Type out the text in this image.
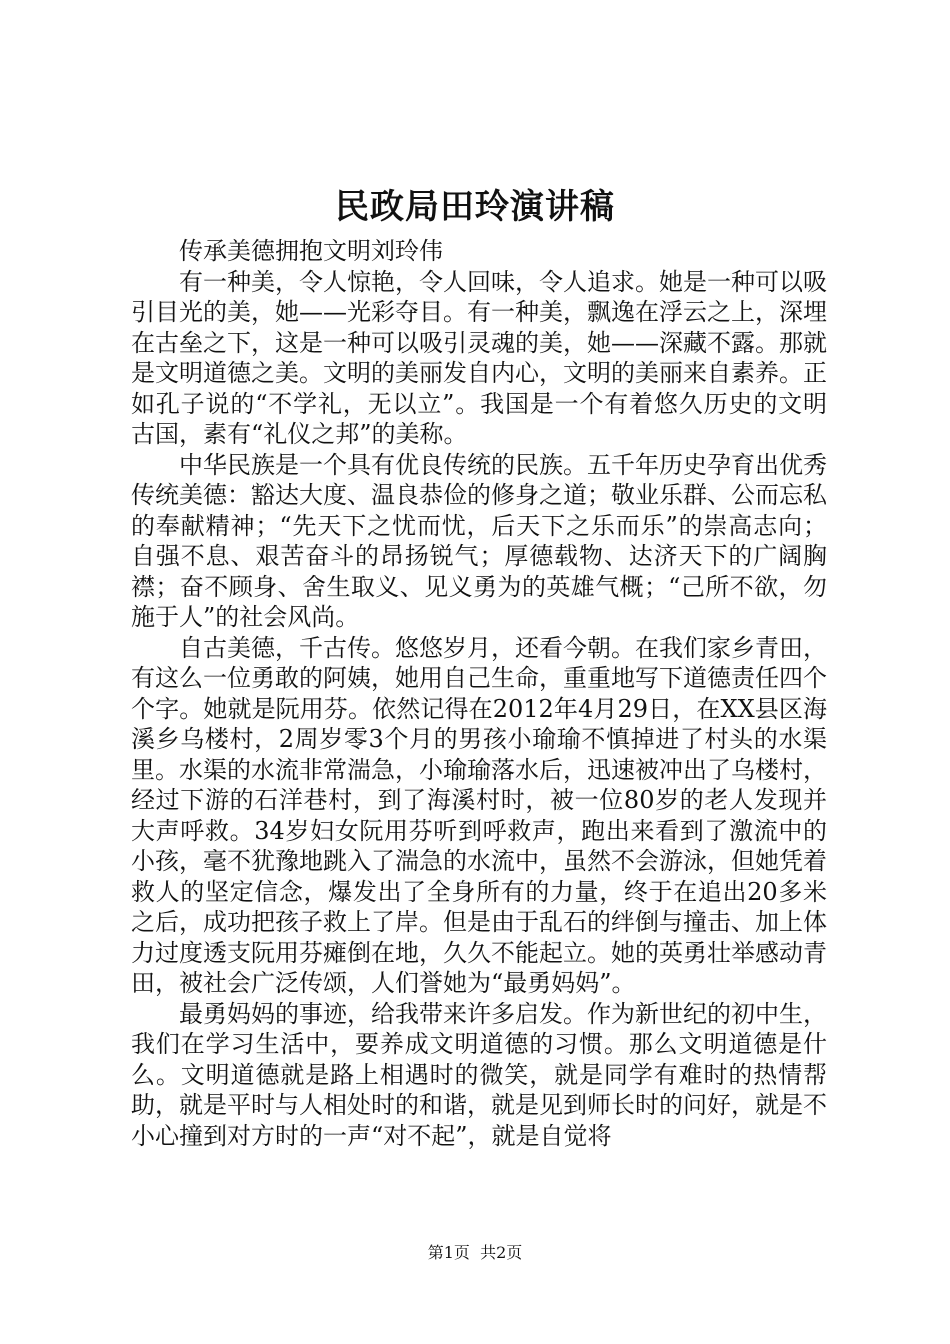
民政局田玲演讲稿

传承美德拥抱文明刘玲伟

有一种美，令人惊艳，令人回味，令人追求。她是一种可以吸引目光的美，她——光彩夺目。有一种美，飘逸在浮云之上，深埋在古垒之下，这是一种可以吸引灵魂的美，她——深藏不露。那就是文明道德之美。文明的美丽发自内心，文明的美丽来自素养。正如孔子说的“不学礼，无以立”。我国是一个有着悠久历史的文明古国，素有“礼仪之邦”的美称。

中华民族是一个具有优良传统的民族。五千年历史孕育出优秀传统美德：豁达大度、温良恭俭的修身之道；敬业乐群、公而忘私的奉献精神；“先天下之忧而忧，后天下之乐而乐”的崇高志向；自强不息、艰苦奋斗的昂扬锐气；厚德载物、达济天下的广阔胸襟；奋不顾身、舍生取义、见义勇为的英雄气概；“己所不欲，勿施于人”的社会风尚。

自古美德，千古传。悠悠岁月，还看今朝。在我们家乡青田，有这么一位勇敢的阿姨，她用自己生命，重重地写下道德责任四个个字。她就是阮用芬。依然记得在2012年4月29日，在XX县区海溪乡乌楼村，2周岁零3个月的男孩小瑜瑜不慎掉进了村头的水渠里。水渠的水流非常湍急，小瑜瑜落水后，迅速被冲出了乌楼村，经过下游的石洋巷村，到了海溪村时，被一位80岁的老人发现并大声呼救。34岁妇女阮用芬听到呼救声，跑出来看到了激流中的小孩，毫不犹豫地跳入了湍急的水流中，虽然不会游泳，但她凭着救人的坚定信念，爆发出了全身所有的力量，终于在追出20多米之后，成功把孩子救上了岸。但是由于乱石的绊倒与撞击、加上体力过度透支阮用芬瘫倒在地，久久不能起立。她的英勇壮举感动青田，被社会广泛传颂，人们誉她为“最勇妈妈”。

最勇妈妈的事迹，给我带来许多启发。作为新世纪的初中生，我们在学习生活中，要养成文明道德的习惯。那么文明道德是什么。文明道德就是路上相遇时的微笑，就是同学有难时的热情帮助，就是平时与人相处时的和谐，就是见到师长时的问好，就是不小心撞到对方时的一声“对不起”，就是自觉将

第1页 共2页
